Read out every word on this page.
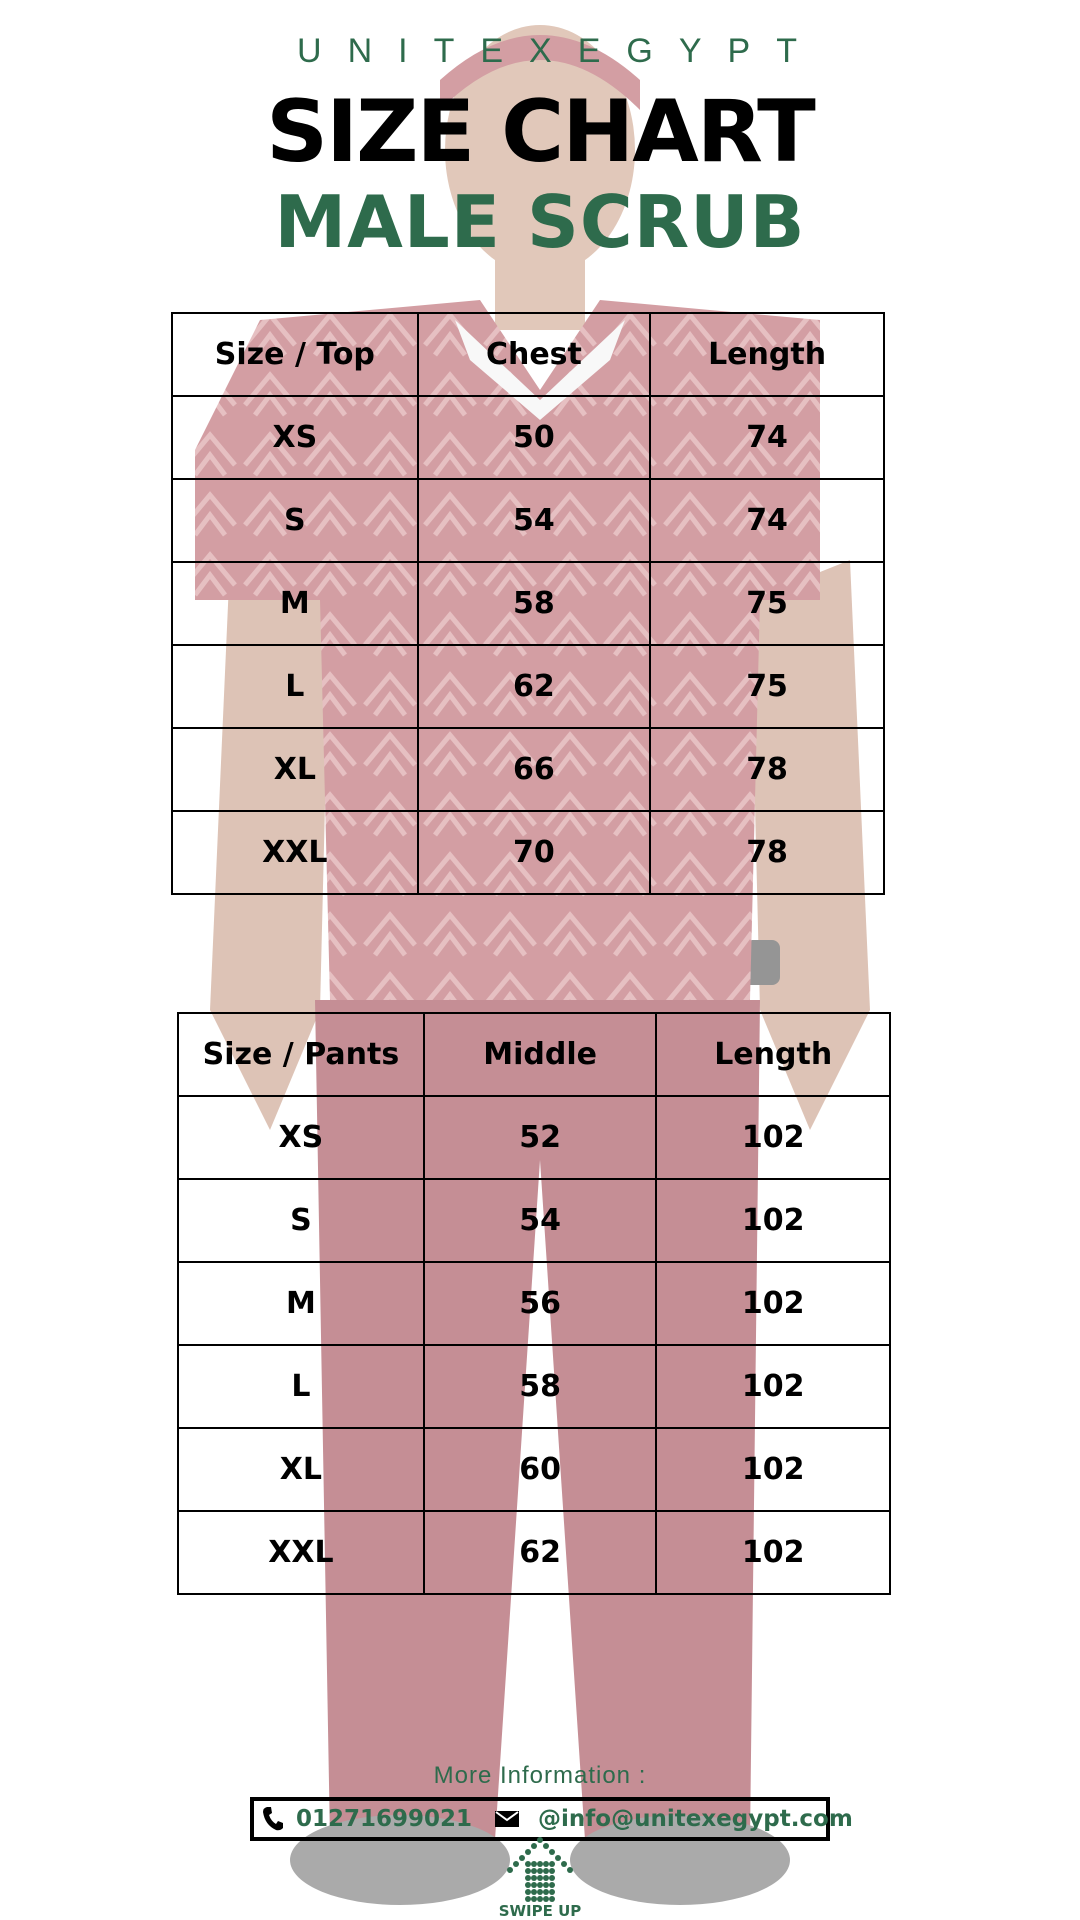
UNITEXEGYPT
SIZE CHART
MALE SCRUB
Size / Top	Chest	Length
XS	50	74
S	54	74
M	58	75
L	62	75
XL	66	78
XXL	70	78
Size / Pants	Middle	Length
XS	52	102
S	54	102
M	56	102
L	58	102
XL	60	102
XXL	62	102
More Information :
01271699021	@info@unitexegypt.com
SWIPE UP
